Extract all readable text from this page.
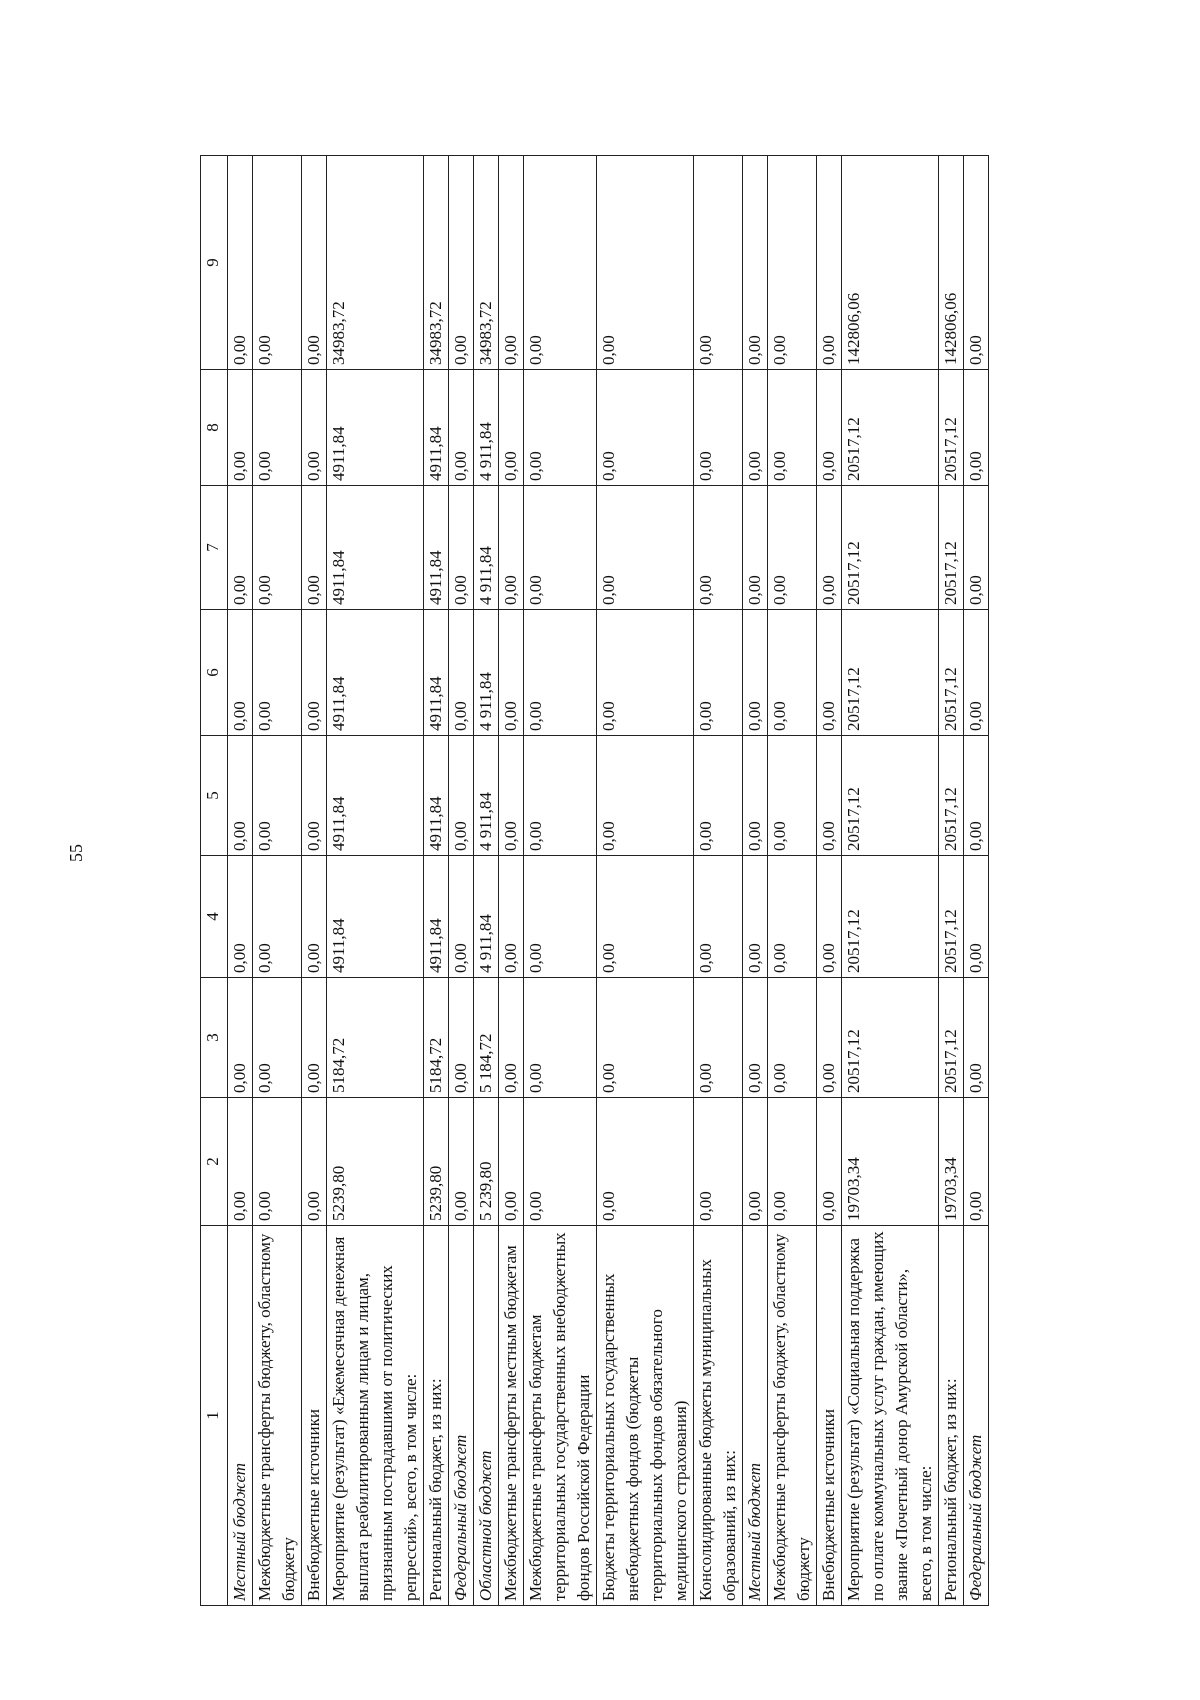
55
1	2	3	4	5	6	7	8	9
Местный бюджет	0,00	0,00	0,00	0,00	0,00	0,00	0,00	0,00
Межбюджетные трансферты бюджету, областному бюджету	0,00	0,00	0,00	0,00	0,00	0,00	0,00	0,00
Внебюджетные источники	0,00	0,00	0,00	0,00	0,00	0,00	0,00	0,00
Мероприятие (результат) «Ежемесячная денежная выплата реабилитированным лицам и лицам, признанным пострадавшими от политических репрессий», всего, в том числе:	5239,80	5184,72	4911,84	4911,84	4911,84	4911,84	4911,84	34983,72
Региональный бюджет, из них:	5239,80	5184,72	4911,84	4911,84	4911,84	4911,84	4911,84	34983,72
Федеральный бюджет	0,00	0,00	0,00	0,00	0,00	0,00	0,00	0,00
Областной бюджет	5 239,80	5 184,72	4 911,84	4 911,84	4 911,84	4 911,84	4 911,84	34983,72
Межбюджетные трансферты местным бюджетам	0,00	0,00	0,00	0,00	0,00	0,00	0,00	0,00
Межбюджетные трансферты бюджетам территориальных государственных внебюджетных фондов Российской Федерации	0,00	0,00	0,00	0,00	0,00	0,00	0,00	0,00
Бюджеты территориальных государственных внебюджетных фондов (бюджеты территориальных фондов обязательного медицинского страхования)	0,00	0,00	0,00	0,00	0,00	0,00	0,00	0,00
Консолидированные бюджеты муниципальных образований, из них:	0,00	0,00	0,00	0,00	0,00	0,00	0,00	0,00
Местный бюджет	0,00	0,00	0,00	0,00	0,00	0,00	0,00	0,00
Межбюджетные трансферты бюджету, областному бюджету	0,00	0,00	0,00	0,00	0,00	0,00	0,00	0,00
Внебюджетные источники	0,00	0,00	0,00	0,00	0,00	0,00	0,00	0,00
Мероприятие (результат) «Социальная поддержка по оплате коммунальных услуг граждан, имеющих звание «Почетный донор Амурской области», всего, в том числе:	19703,34	20517,12	20517,12	20517,12	20517,12	20517,12	20517,12	142806,06
Региональный бюджет, из них:	19703,34	20517,12	20517,12	20517,12	20517,12	20517,12	20517,12	142806,06
Федеральный бюджет	0,00	0,00	0,00	0,00	0,00	0,00	0,00	0,00
